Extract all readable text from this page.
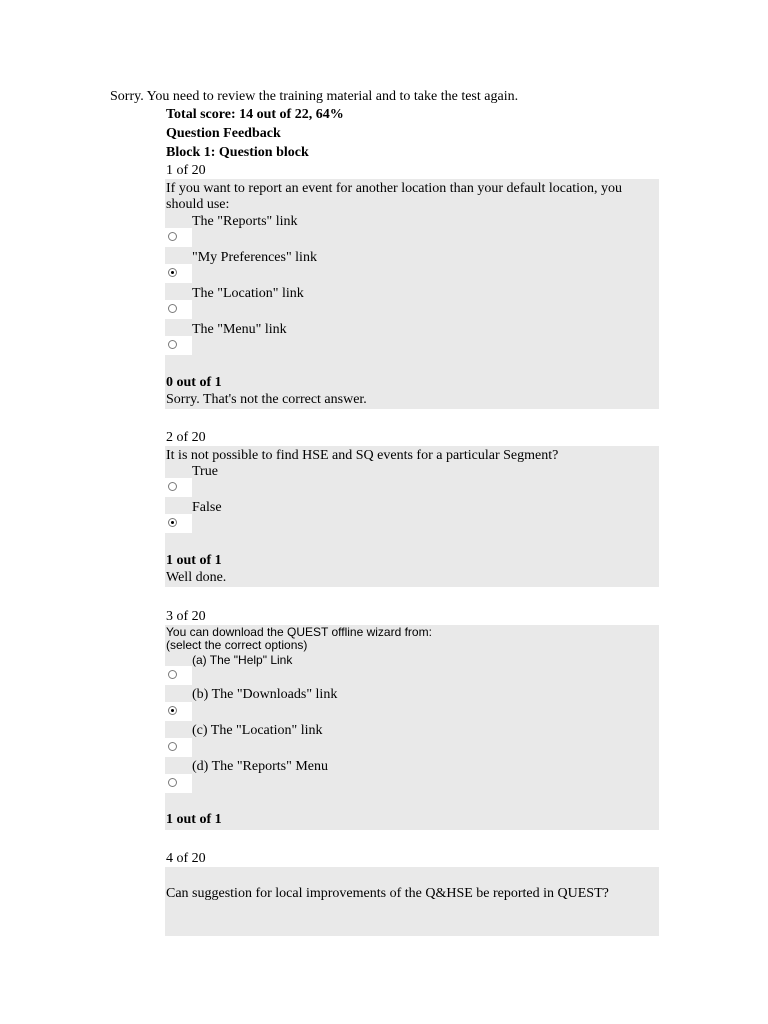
Sorry. You need to review the training material and to take the test again.
Total score: 14 out of 22, 64%
Question Feedback
Block 1: Question block
1 of 20
If you want to report an event for another location than your default location, you should use:
The "Reports" link
"My Preferences" link
The "Location" link
The "Menu" link
0 out of 1
Sorry. That's not the correct answer.
2 of 20
It is not possible to find HSE and SQ events for a particular Segment?
True
False
1 out of 1
Well done.
3 of 20
You can download the QUEST offline wizard from:
(select the correct options)
(a) The "Help" Link
(b) The "Downloads" link
(c) The "Location" link
(d) The "Reports" Menu
1 out of 1
4 of 20
Can suggestion for local improvements of the Q&HSE be reported in QUEST?
